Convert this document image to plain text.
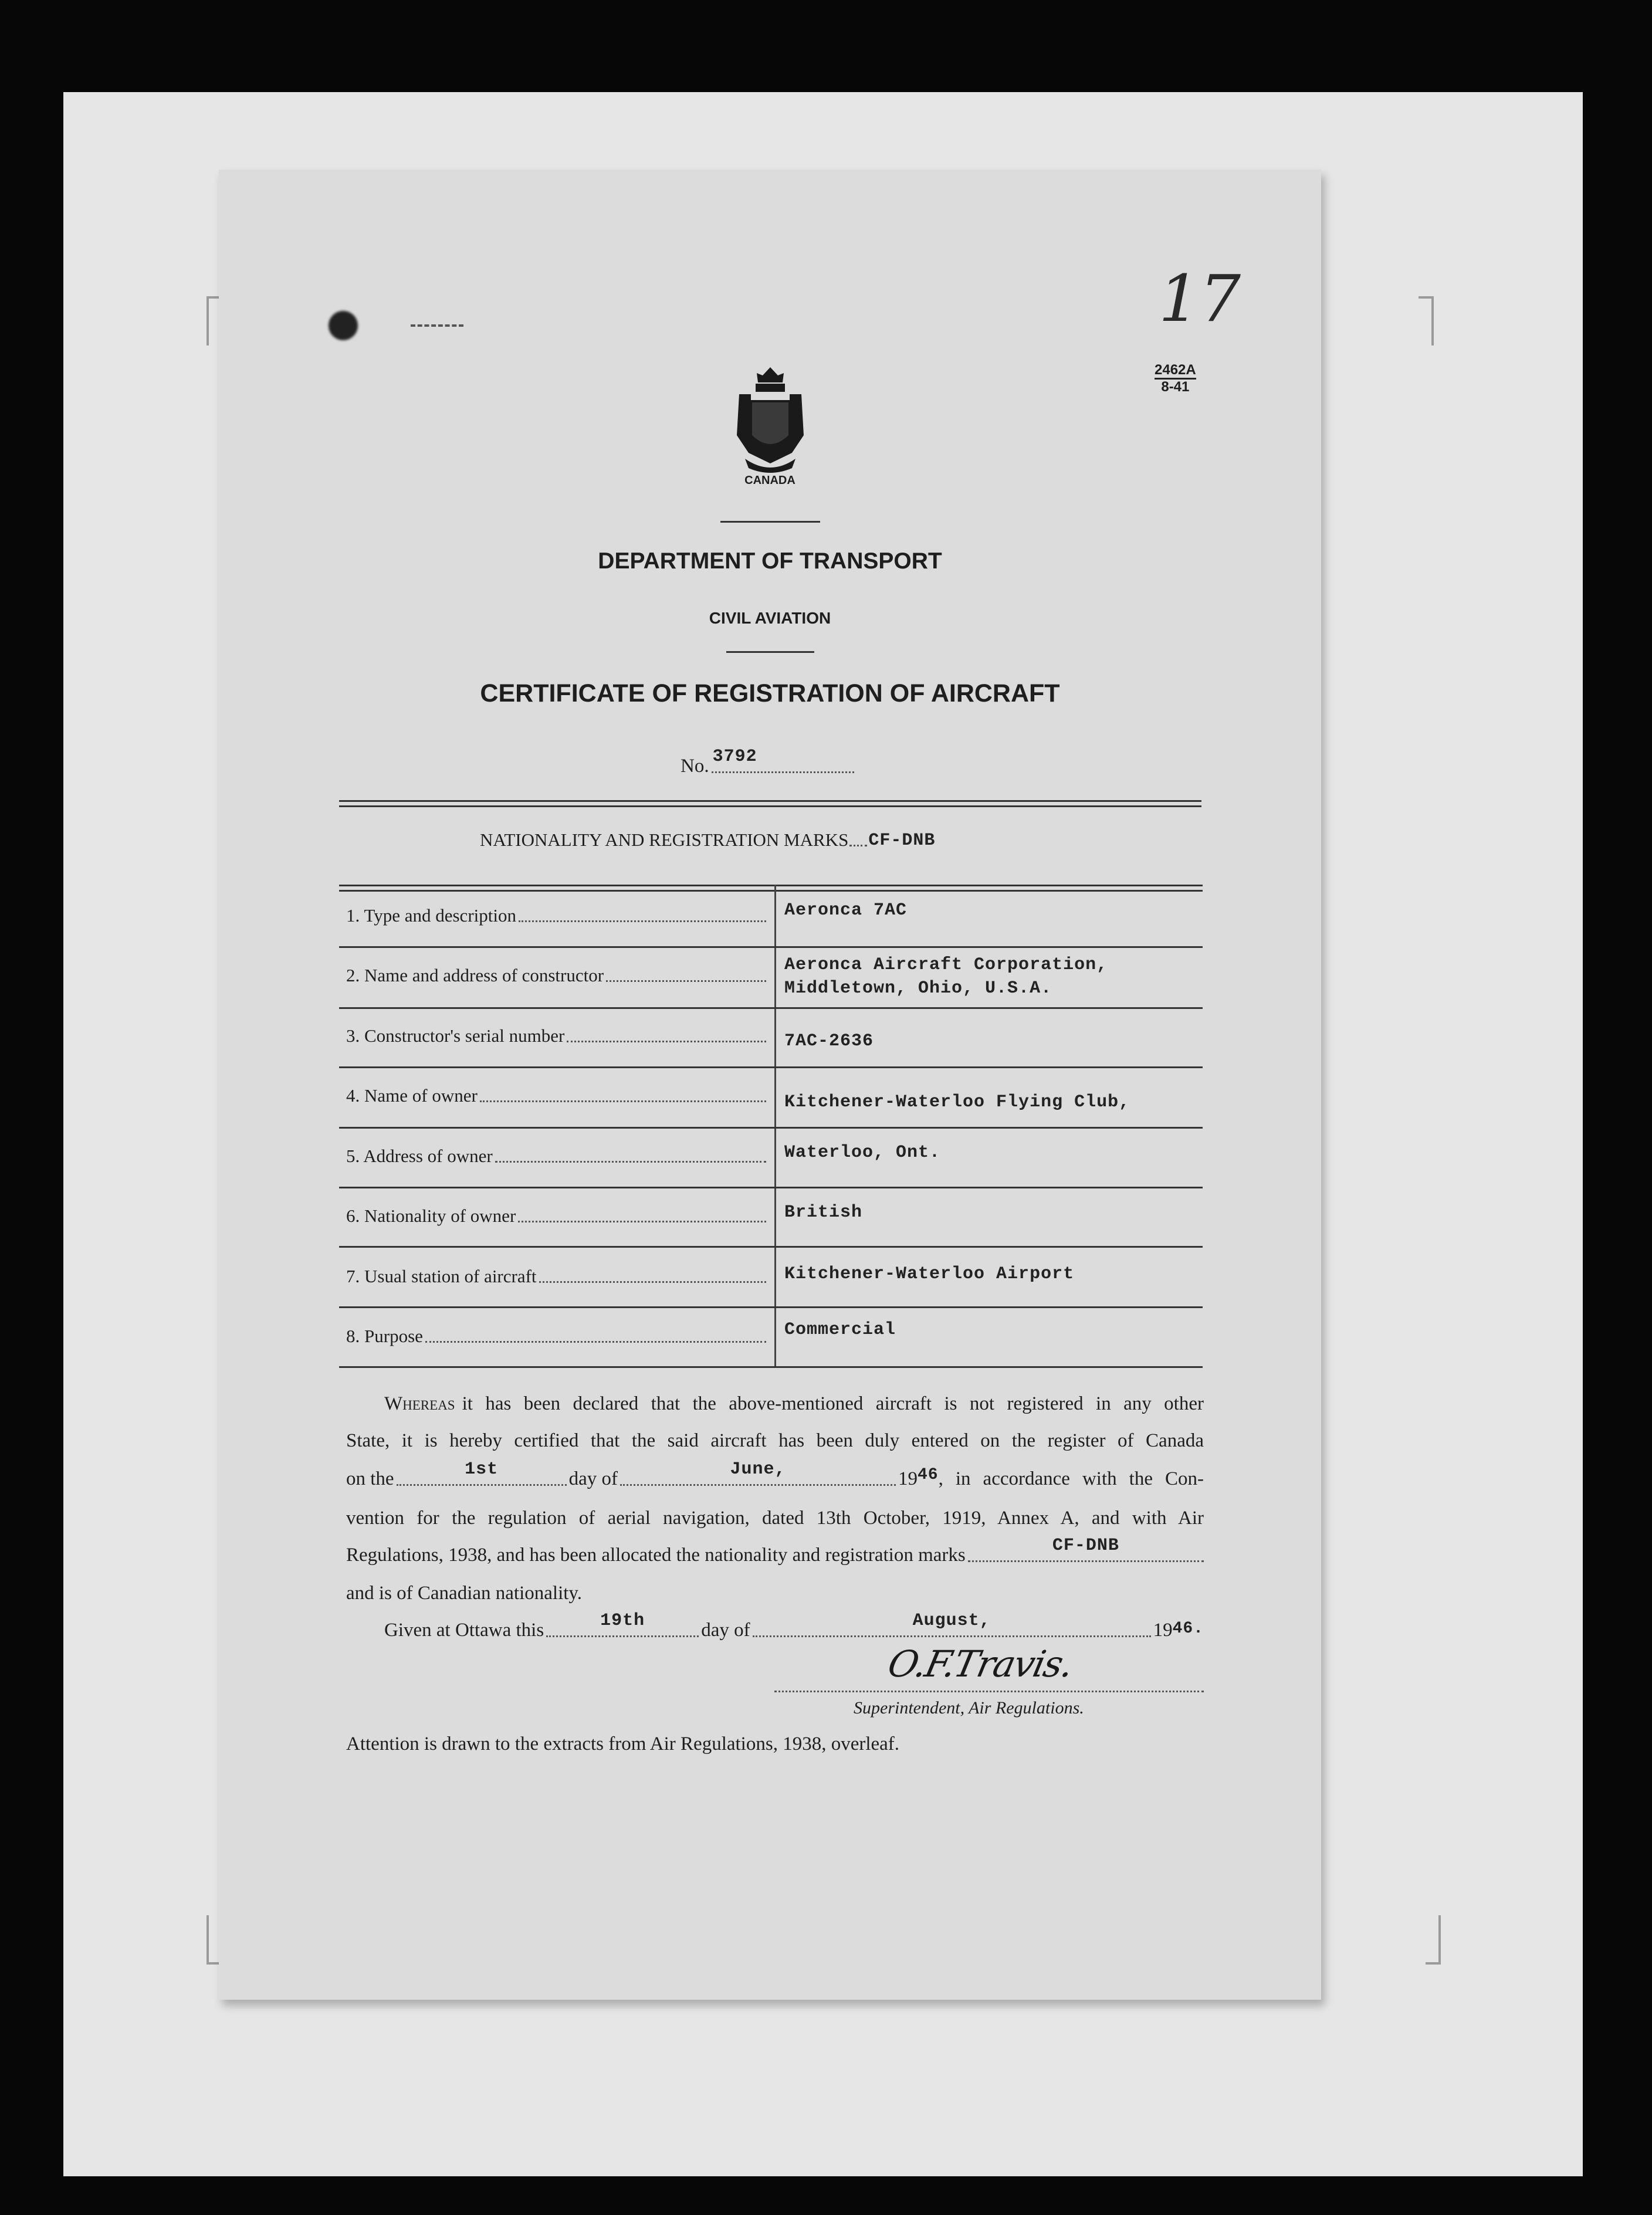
17
2462A
8-41
CANADA
DEPARTMENT OF TRANSPORT
CIVIL AVIATION
CERTIFICATE OF REGISTRATION OF AIRCRAFT
No. 3792
NATIONALITY AND REGISTRATION MARKS CF-DNB
1. Type and description	Aeronca 7AC
2. Name and address of constructor	Aeronca Aircraft Corporation,
Middletown, Ohio, U.S.A.
3. Constructor's serial number	7AC-2636
4. Name of owner	Kitchener-Waterloo Flying Club,
5. Address of owner	Waterloo, Ont.
6. Nationality of owner	British
7. Usual station of aircraft	Kitchener-Waterloo Airport
8. Purpose	Commercial
Whereas it has been declared that the above-mentioned aircraft is not registered in any other
State, it is hereby certified that the said aircraft has been duly entered on the register of Canada
on the	1st	day of	June,	19 46 , in accordance with the Con-
vention for the regulation of aerial navigation, dated 13th October, 1919, Annex A, and with Air
Regulations, 1938, and has been allocated the nationality and registration marks	CF-DNB
and is of Canadian nationality.
Given at Ottawa this	19th	day of	August,	19 46.
O.F.Travis.
Superintendent, Air Regulations.
Attention is drawn to the extracts from Air Regulations, 1938, overleaf.
